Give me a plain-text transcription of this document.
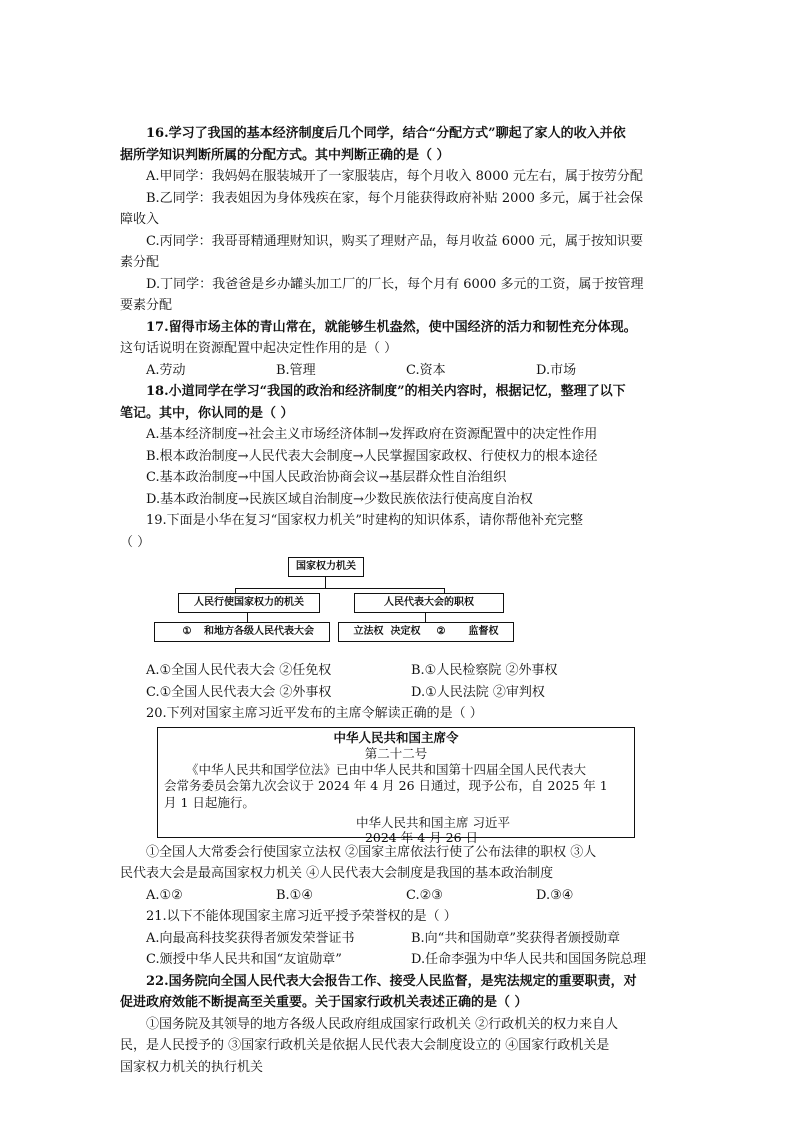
16.学习了我国的基本经济制度后几个同学，结合“分配方式”聊起了家人的收入并依
据所学知识判断所属的分配方式。其中判断正确的是（ ）
A.甲同学：我妈妈在服装城开了一家服装店，每个月收入 8000 元左右，属于按劳分配
B.乙同学：我表姐因为身体残疾在家，每个月能获得政府补贴 2000 多元，属于社会保
障收入
C.丙同学：我哥哥精通理财知识，购买了理财产品，每月收益 6000 元，属于按知识要
素分配
D.丁同学：我爸爸是乡办罐头加工厂的厂长，每个月有 6000 多元的工资，属于按管理
要素分配
17.留得市场主体的青山常在，就能够生机盎然，使中国经济的活力和韧性充分体现。
这句话说明在资源配置中起决定性作用的是（ ）
A.劳动	B.管理	C.资本	D.市场
18.小道同学在学习“我国的政治和经济制度”的相关内容时，根据记忆，整理了以下
笔记。其中，你认同的是（ ）
A.基本经济制度→社会主义市场经济体制→发挥政府在资源配置中的决定性作用
B.根本政治制度→人民代表大会制度→人民掌握国家政权、行使权力的根本途径
C.基本政治制度→中国人民政治协商会议→基层群众性自治组织
D.基本政治制度→民族区域自治制度→少数民族依法行使高度自治权
19.下面是小华在复习“国家权力机关”时建构的知识体系，请你帮他补充完整
（ ）
国家权力机关
人民行使国家权力的机关	人民代表大会的职权
① 和地方各级人民代表大会	立法权 决定权 ② 监督权
A.①全国人民代表大会 ②任免权	B.①人民检察院 ②外事权
C.①全国人民代表大会 ②外事权	D.①人民法院 ②审判权
20.下列对国家主席习近平发布的主席令解读正确的是（ ）
中华人民共和国主席令
第二十二号
《中华人民共和国学位法》已由中华人民共和国第十四届全国人民代表大
会常务委员会第九次会议于 2024 年 4 月 26 日通过，现予公布，自 2025 年 1
月 1 日起施行。
中华人民共和国主席 习近平
2024 年 4 月 26 日
①全国人大常委会行使国家立法权 ②国家主席依法行使了公布法律的职权 ③人
民代表大会是最高国家权力机关 ④人民代表大会制度是我国的基本政治制度
A.①②	B.①④	C.②③	D.③④
21.以下不能体现国家主席习近平授予荣誉权的是（ ）
A.向最高科技奖获得者颁发荣誉证书	B.向“共和国勋章”奖获得者颁授勋章
C.颁授中华人民共和国“友谊勋章”	D.任命李强为中华人民共和国国务院总理
22.国务院向全国人民代表大会报告工作、接受人民监督，是宪法规定的重要职责，对
促进政府效能不断提高至关重要。关于国家行政机关表述正确的是（ ）
①国务院及其领导的地方各级人民政府组成国家行政机关 ②行政机关的权力来自人
民，是人民授予的 ③国家行政机关是依据人民代表大会制度设立的 ④国家行政机关是
国家权力机关的执行机关
